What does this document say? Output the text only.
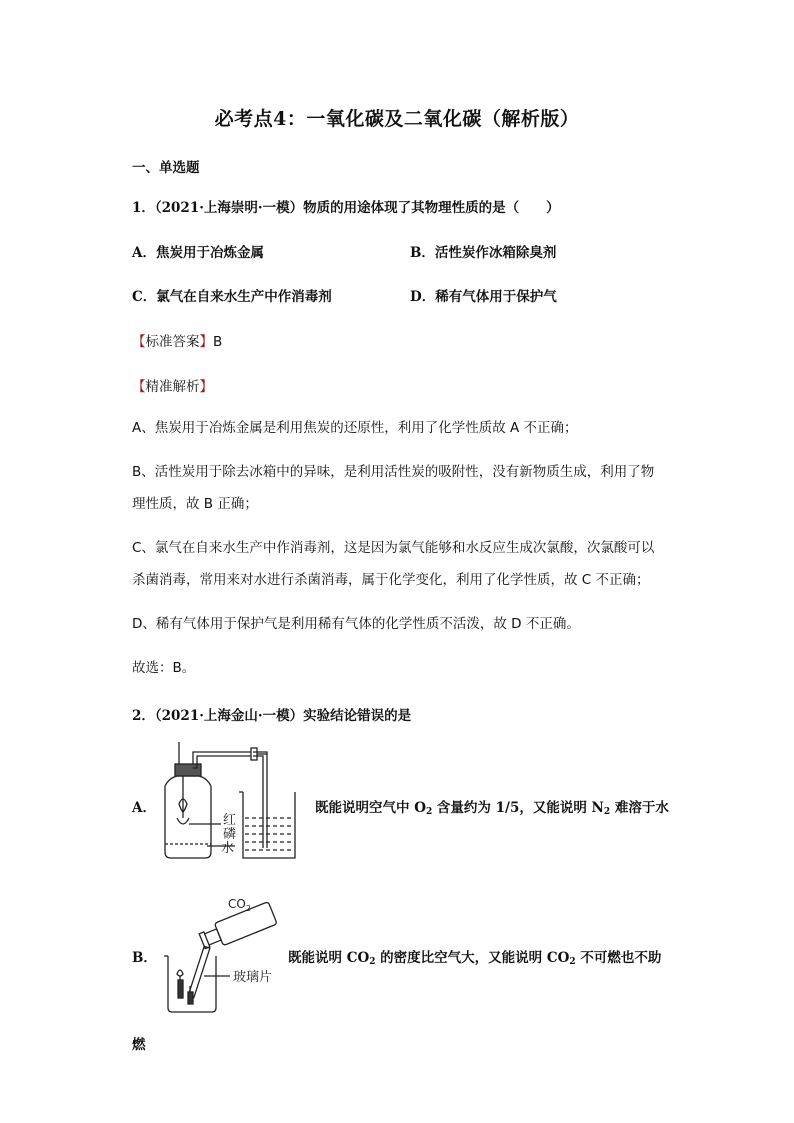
必考点4：一氧化碳及二氧化碳（解析版）
一、单选题
1．（2021·上海崇明·一模）物质的用途体现了其物理性质的是（　　）
A．焦炭用于冶炼金属	B．活性炭作冰箱除臭剂
C．氯气在自来水生产中作消毒剂	D．稀有气体用于保护气
【标准答案】B
【精准解析】
A、焦炭用于冶炼金属是利用焦炭的还原性，利用了化学性质故 A 不正确；
B、活性炭用于除去冰箱中的异味，是利用活性炭的吸附性，没有新物质生成，利用了物理性质，故 B 正确；
C、氯气在自来水生产中作消毒剂，这是因为氯气能够和水反应生成次氯酸，次氯酸可以杀菌消毒，常用来对水进行杀菌消毒，属于化学变化，利用了化学性质，故 C 不正确；
D、稀有气体用于保护气是利用稀有气体的化学性质不活泼，故 D 不正确。
故选：B。
2．（2021·上海金山·一模）实验结论错误的是
A．
红
磷
水
既能说明空气中 $O_2$ 含量约为 1/5，又能说明 $N_2$ 难溶于水
B．
$CO_2$
玻璃片
既能说明 $CO_2$ 的密度比空气大，又能说明 $CO_2$ 不可燃也不助
燃
